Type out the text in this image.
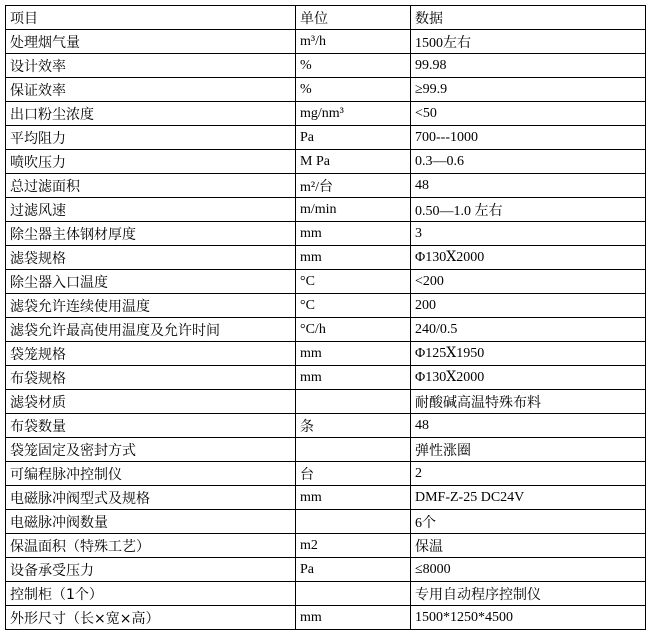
项目	单位	数据
处理烟气量	m³/h	1500左右
设计效率	%	99.98
保证效率	%	≥99.9
出口粉尘浓度	mg/nm³	<50
平均阻力	Pa	700---1000
喷吹压力	M Pa	0.3—0.6
总过滤面积	m²/台	48
过滤风速	m/min	0.50—1.0 左右
除尘器主体钢材厚度	mm	3
滤袋规格	mm	Φ130Ⅹ2000
除尘器入口温度	°C	<200
滤袋允许连续使用温度	°C	200
滤袋允许最高使用温度及允许时间	°C/h	240/0.5
袋笼规格	mm	Φ125Ⅹ1950
布袋规格	mm	Φ130Ⅹ2000
滤袋材质		耐酸碱高温特殊布料
布袋数量	条	48
袋笼固定及密封方式		弹性涨圈
可编程脉冲控制仪	台	2
电磁脉冲阀型式及规格	mm	DMF-Z-25 DC24V
电磁脉冲阀数量		6个
保温面积（特殊工艺）	m2	保温
设备承受压力	Pa	≤8000
控制柜（1个）		专用自动程序控制仪
外形尺寸（长×宽×高）	mm	1500*1250*4500
